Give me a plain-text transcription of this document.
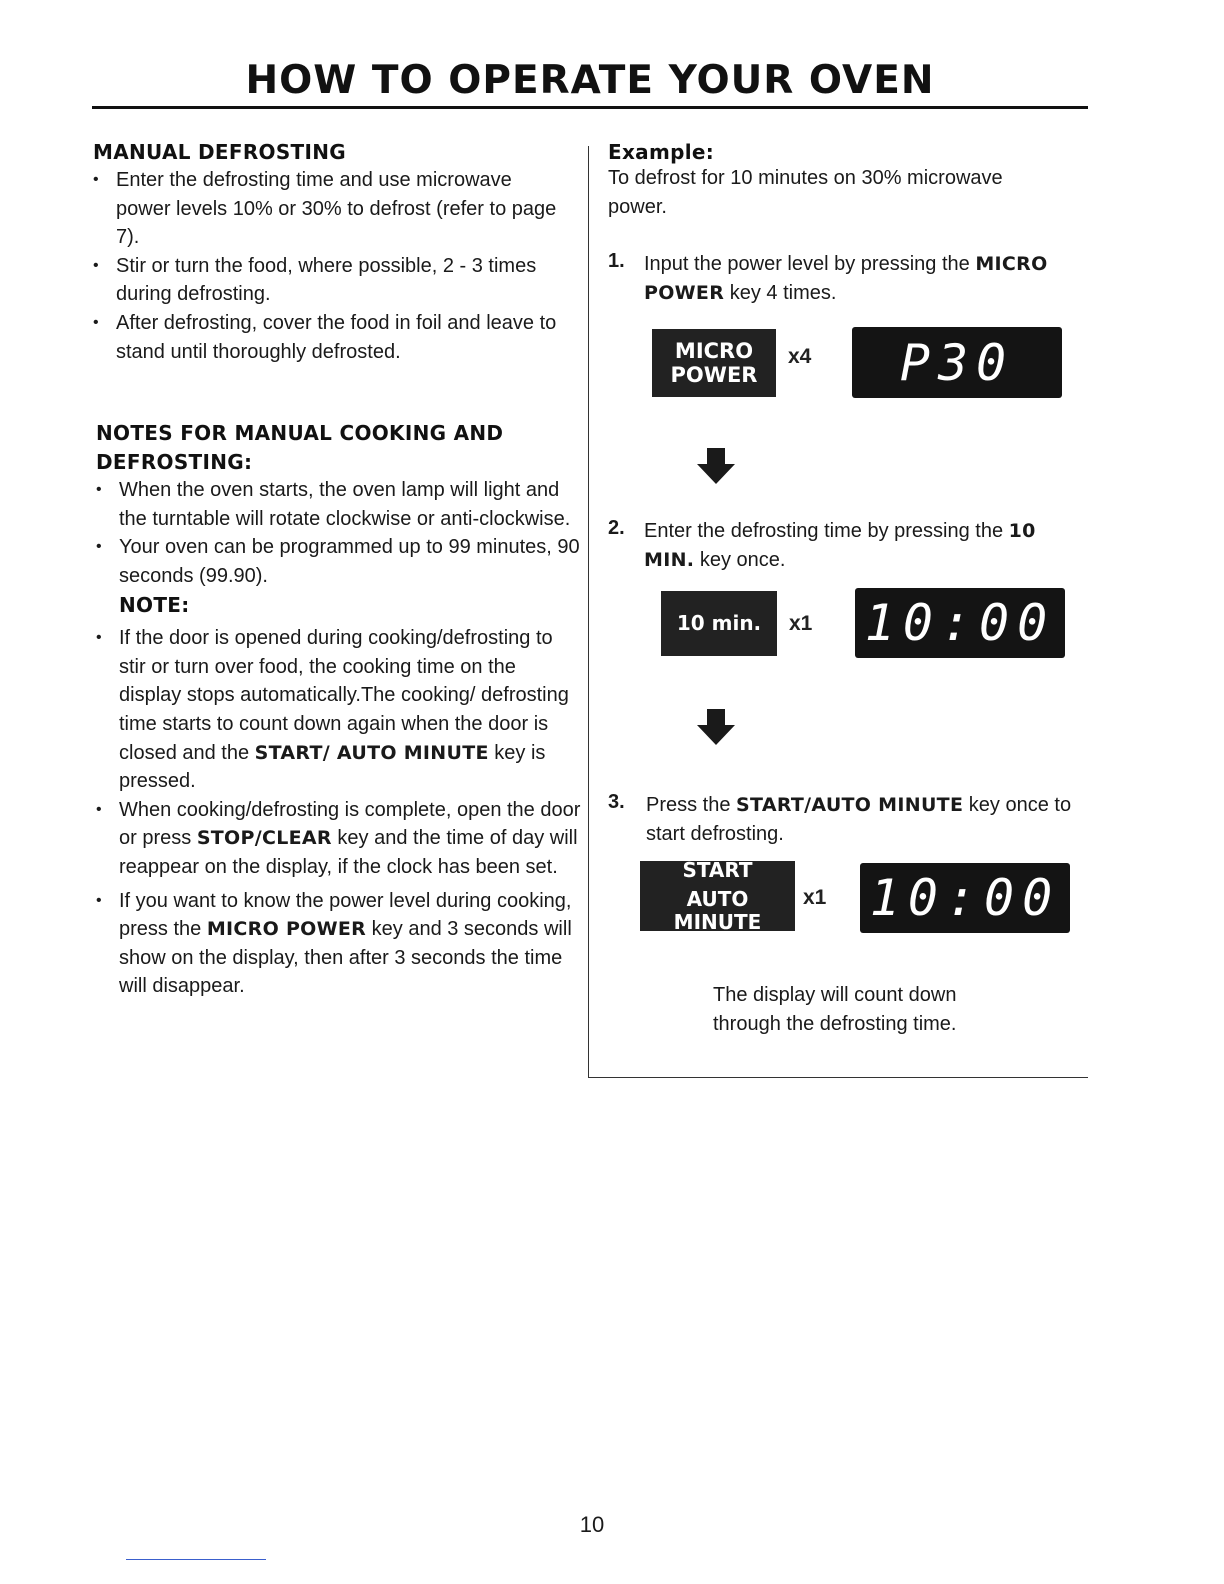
HOW TO OPERATE YOUR OVEN
MANUAL DEFROSTING
• Enter the defrosting time and use microwave power levels 10% or 30% to defrost (refer to page 7).
• Stir or turn the food, where possible, 2 - 3 times during defrosting.
• After defrosting, cover the food in foil and leave to stand until thoroughly defrosted.
NOTES FOR MANUAL COOKING AND DEFROSTING:
• When the oven starts, the oven lamp will light and the turntable will rotate clockwise or anti-clockwise.
• Your oven can be programmed up to 99 minutes, 90 seconds (99.90).
NOTE:
• If the door is opened during cooking/defrosting to stir or turn over food, the cooking time on the display stops automatically.The cooking/ defrosting time starts to count down again when the door is closed and the START/ AUTO MINUTE key is pressed.
• When cooking/defrosting is complete, open the door or press STOP/CLEAR key and the time of day will reappear on the display, if the clock has been set.
• If you want to know the power level during cooking, press the MICRO POWER key and 3 seconds will show on the display, then after 3 seconds the time will disappear.
Example:
To defrost for 10 minutes on 30% microwave power.
1. Input the power level by pressing the MICRO POWER key 4 times.
MICRO
POWER
x4	P30
2. Enter the defrosting time by pressing the 10 MIN. key once.
10 min. x1 10:00
3. Press the START/AUTO MINUTE key once to start defrosting.
START
AUTO MINUTE
x1 10:00
The display will count down through the defrosting time.
10
